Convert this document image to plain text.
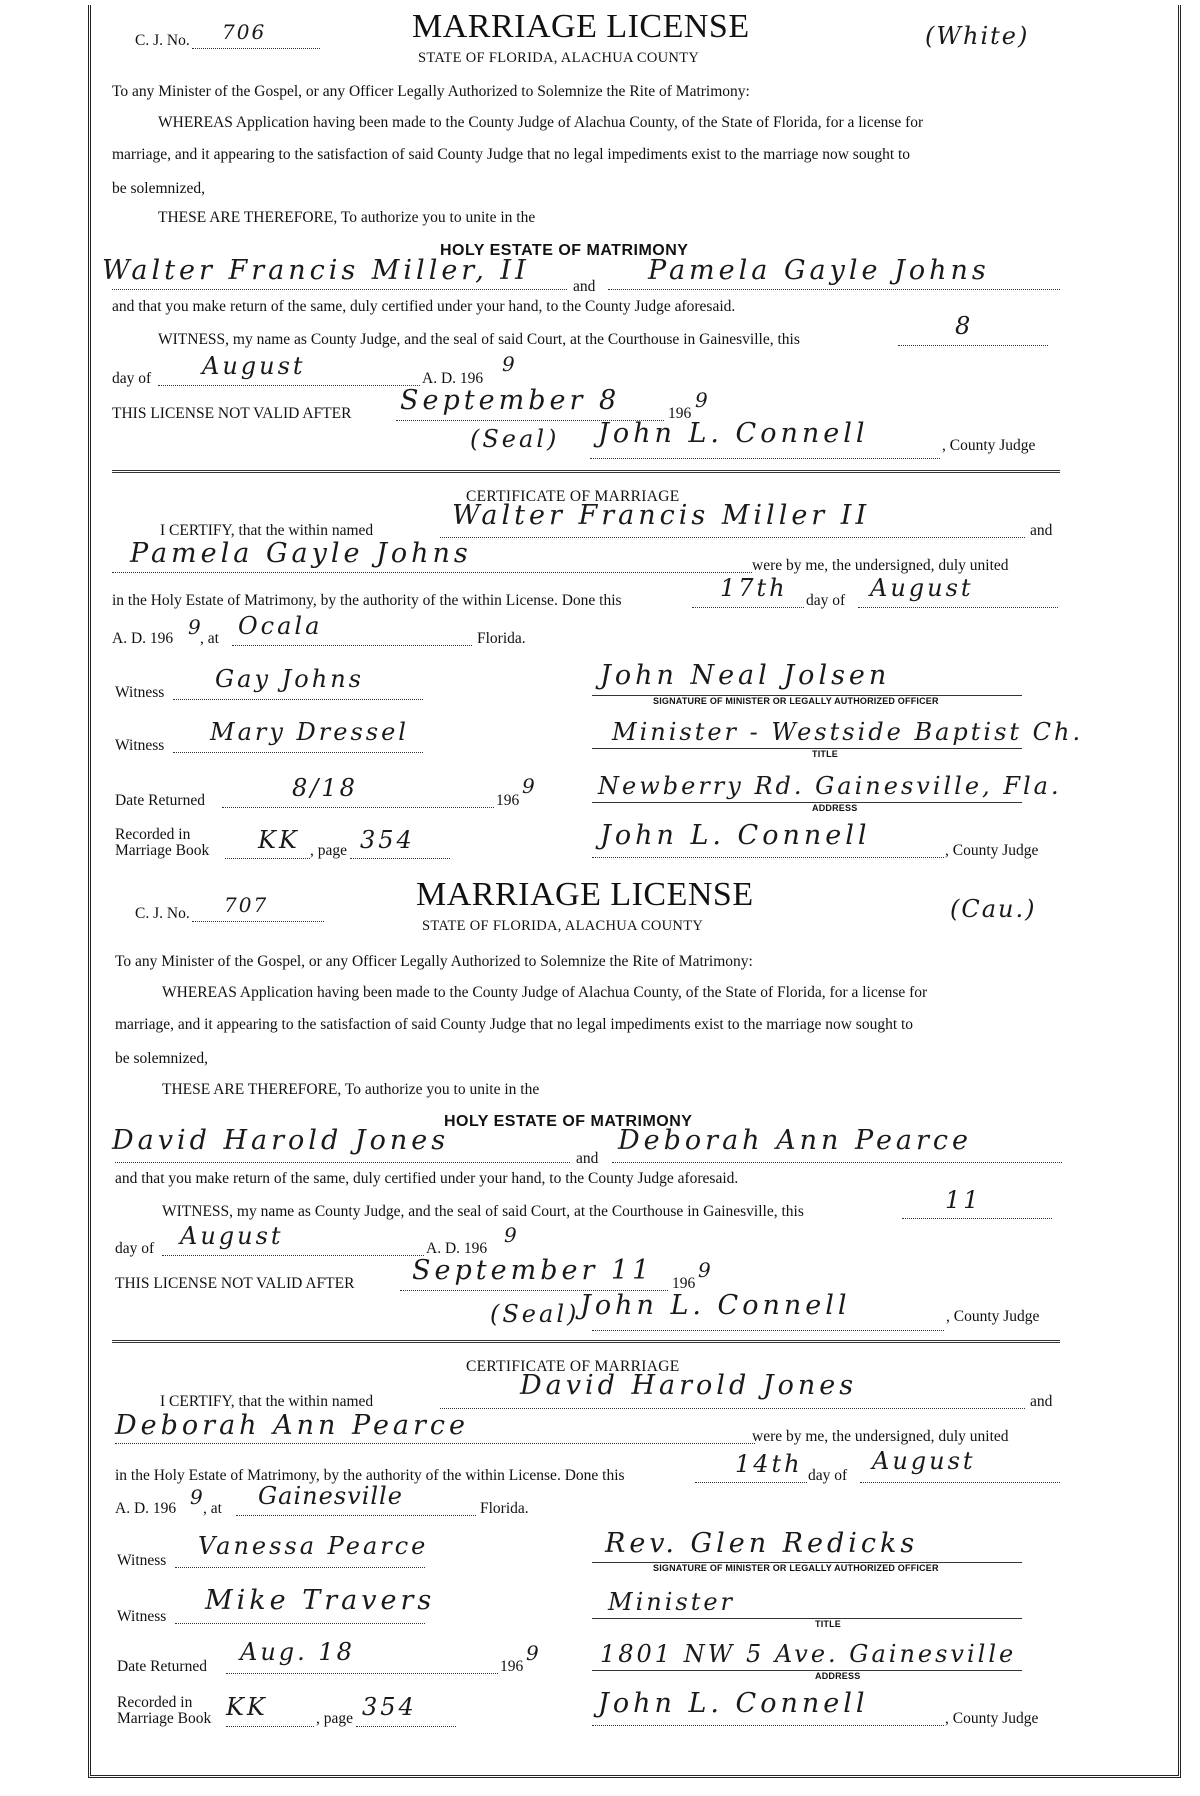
C. J. No. 706	MARRIAGE LICENSE
STATE OF FLORIDA, ALACHUA COUNTY
(White)
To any Minister of the Gospel, or any Officer Legally Authorized to Solemnize the Rite of Matrimony:
WHEREAS Application having been made to the County Judge of Alachua County, of the State of Florida, for a license for
marriage, and it appearing to the satisfaction of said County Judge that no legal impediments exist to the marriage now sought to
be solemnized,
THESE ARE THEREFORE, To authorize you to unite in the
HOLY ESTATE OF MATRIMONY
Walter Francis Miller, II
and
Pamela Gayle Johns
and that you make return of the same, duly certified under your hand, to the County Judge aforesaid.
WITNESS, my name as County Judge, and the seal of said Court, at the Courthouse in Gainesville, this	8
day of August	A. D. 196
9
THIS LICENSE NOT VALID AFTER September 8	196
9
(Seal) John L. Connell	, County Judge
CERTIFICATE OF MARRIAGE
I CERTIFY, that the within named	Walter Francis Miller II	and
Pamela Gayle Johns	were by me, the undersigned, duly united
in the Holy Estate of Matrimony, by the authority of the within License. Done this	17th day of August
A. D. 196 9
, at Ocala	Florida.
Witness Gay Johns	John Neal Jolsen
SIGNATURE OF MINISTER OR LEGALLY AUTHORIZED OFFICER
Witness Mary Dressel	Minister - Westside Baptist Ch.
TITLE
Date Returned	8/18	196
9	Newberry Rd. Gainesville, Fla.
ADDRESS
Recorded in
Marriage Book KK , page 354	John L. Connell	, County Judge
C. J. No. 707	MARRIAGE LICENSE
STATE OF FLORIDA, ALACHUA COUNTY
(Cau.)
To any Minister of the Gospel, or any Officer Legally Authorized to Solemnize the Rite of Matrimony:
WHEREAS Application having been made to the County Judge of Alachua County, of the State of Florida, for a license for
marriage, and it appearing to the satisfaction of said County Judge that no legal impediments exist to the marriage now sought to
be solemnized,
THESE ARE THEREFORE, To authorize you to unite in the
HOLY ESTATE OF MATRIMONY
David Harold Jones
and
Deborah Ann Pearce
and that you make return of the same, duly certified under your hand, to the County Judge aforesaid.
WITNESS, my name as County Judge, and the seal of said Court, at the Courthouse in Gainesville, this	11
day of August	A. D. 196
9
THIS LICENSE NOT VALID AFTER September 11 196
9
(Seal) John L. Connell	, County Judge
CERTIFICATE OF MARRIAGE
I CERTIFY, that the within named
David Harold Jones
and
Deborah Ann Pearce	were by me, the undersigned, duly united
in the Holy Estate of Matrimony, by the authority of the within License. Done this	14th day of
August
A. D. 196 9
, at Gainesville	Florida.
Witness
Vanessa Pearce	Rev. Glen Redicks
SIGNATURE OF MINISTER OR LEGALLY AUTHORIZED OFFICER
Witness
Mike Travers	Minister
TITLE
Date Returned
Aug. 18
196
9 1801 NW 5 Ave. Gainesville
ADDRESS
Recorded in
Marriage Book KK	, page 354	John L. Connell	, County Judge
